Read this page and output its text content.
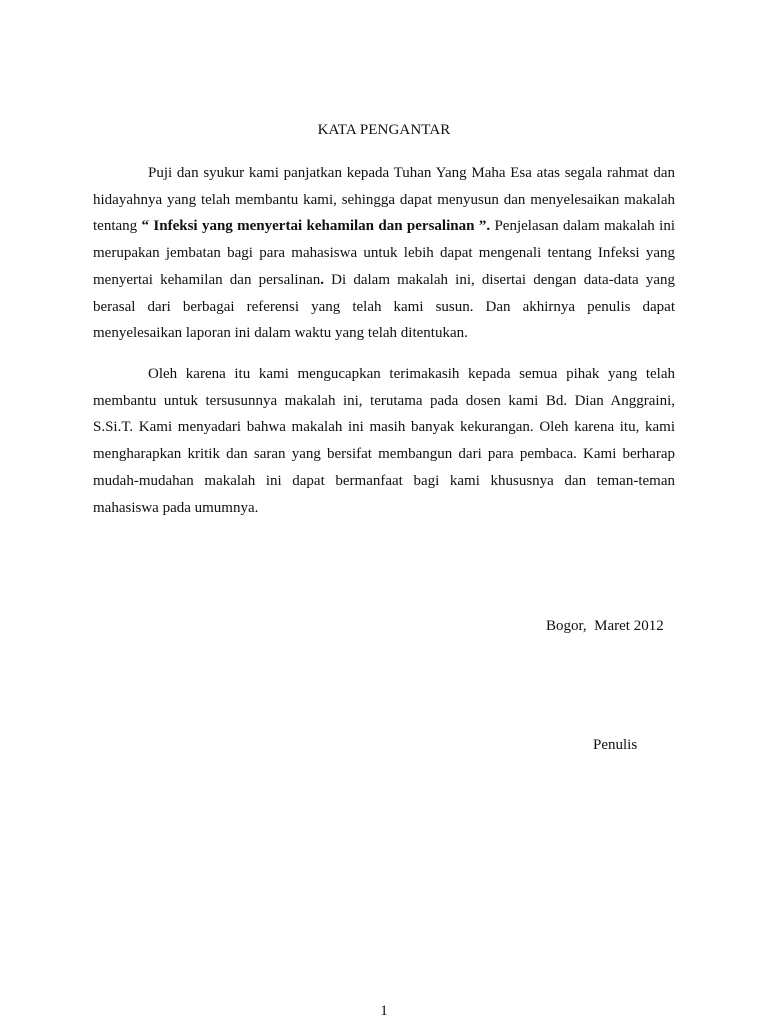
KATA PENGANTAR

Puji dan syukur kami panjatkan kepada Tuhan Yang Maha Esa atas segala rahmat dan hidayahnya yang telah membantu kami, sehingga dapat menyusun dan menyelesaikan makalah tentang “ Infeksi yang menyertai kehamilan dan persalinan ”. Penjelasan dalam makalah ini merupakan jembatan bagi para mahasiswa untuk lebih dapat mengenali tentang Infeksi yang menyertai kehamilan dan persalinan. Di dalam makalah ini, disertai dengan data-data yang berasal dari berbagai referensi yang telah kami susun. Dan akhirnya penulis dapat menyelesaikan laporan ini dalam waktu yang telah ditentukan.

Oleh karena itu kami mengucapkan terimakasih kepada semua pihak yang telah membantu untuk tersusunnya makalah ini, terutama pada dosen kami Bd. Dian Anggraini, S.Si.T. Kami menyadari bahwa makalah ini masih banyak kekurangan. Oleh karena itu, kami mengharapkan kritik dan saran yang bersifat membangun dari para pembaca. Kami berharap mudah-mudahan makalah ini dapat bermanfaat bagi kami khususnya dan teman-teman mahasiswa pada umumnya.

Bogor,  Maret 2012

Penulis

1
